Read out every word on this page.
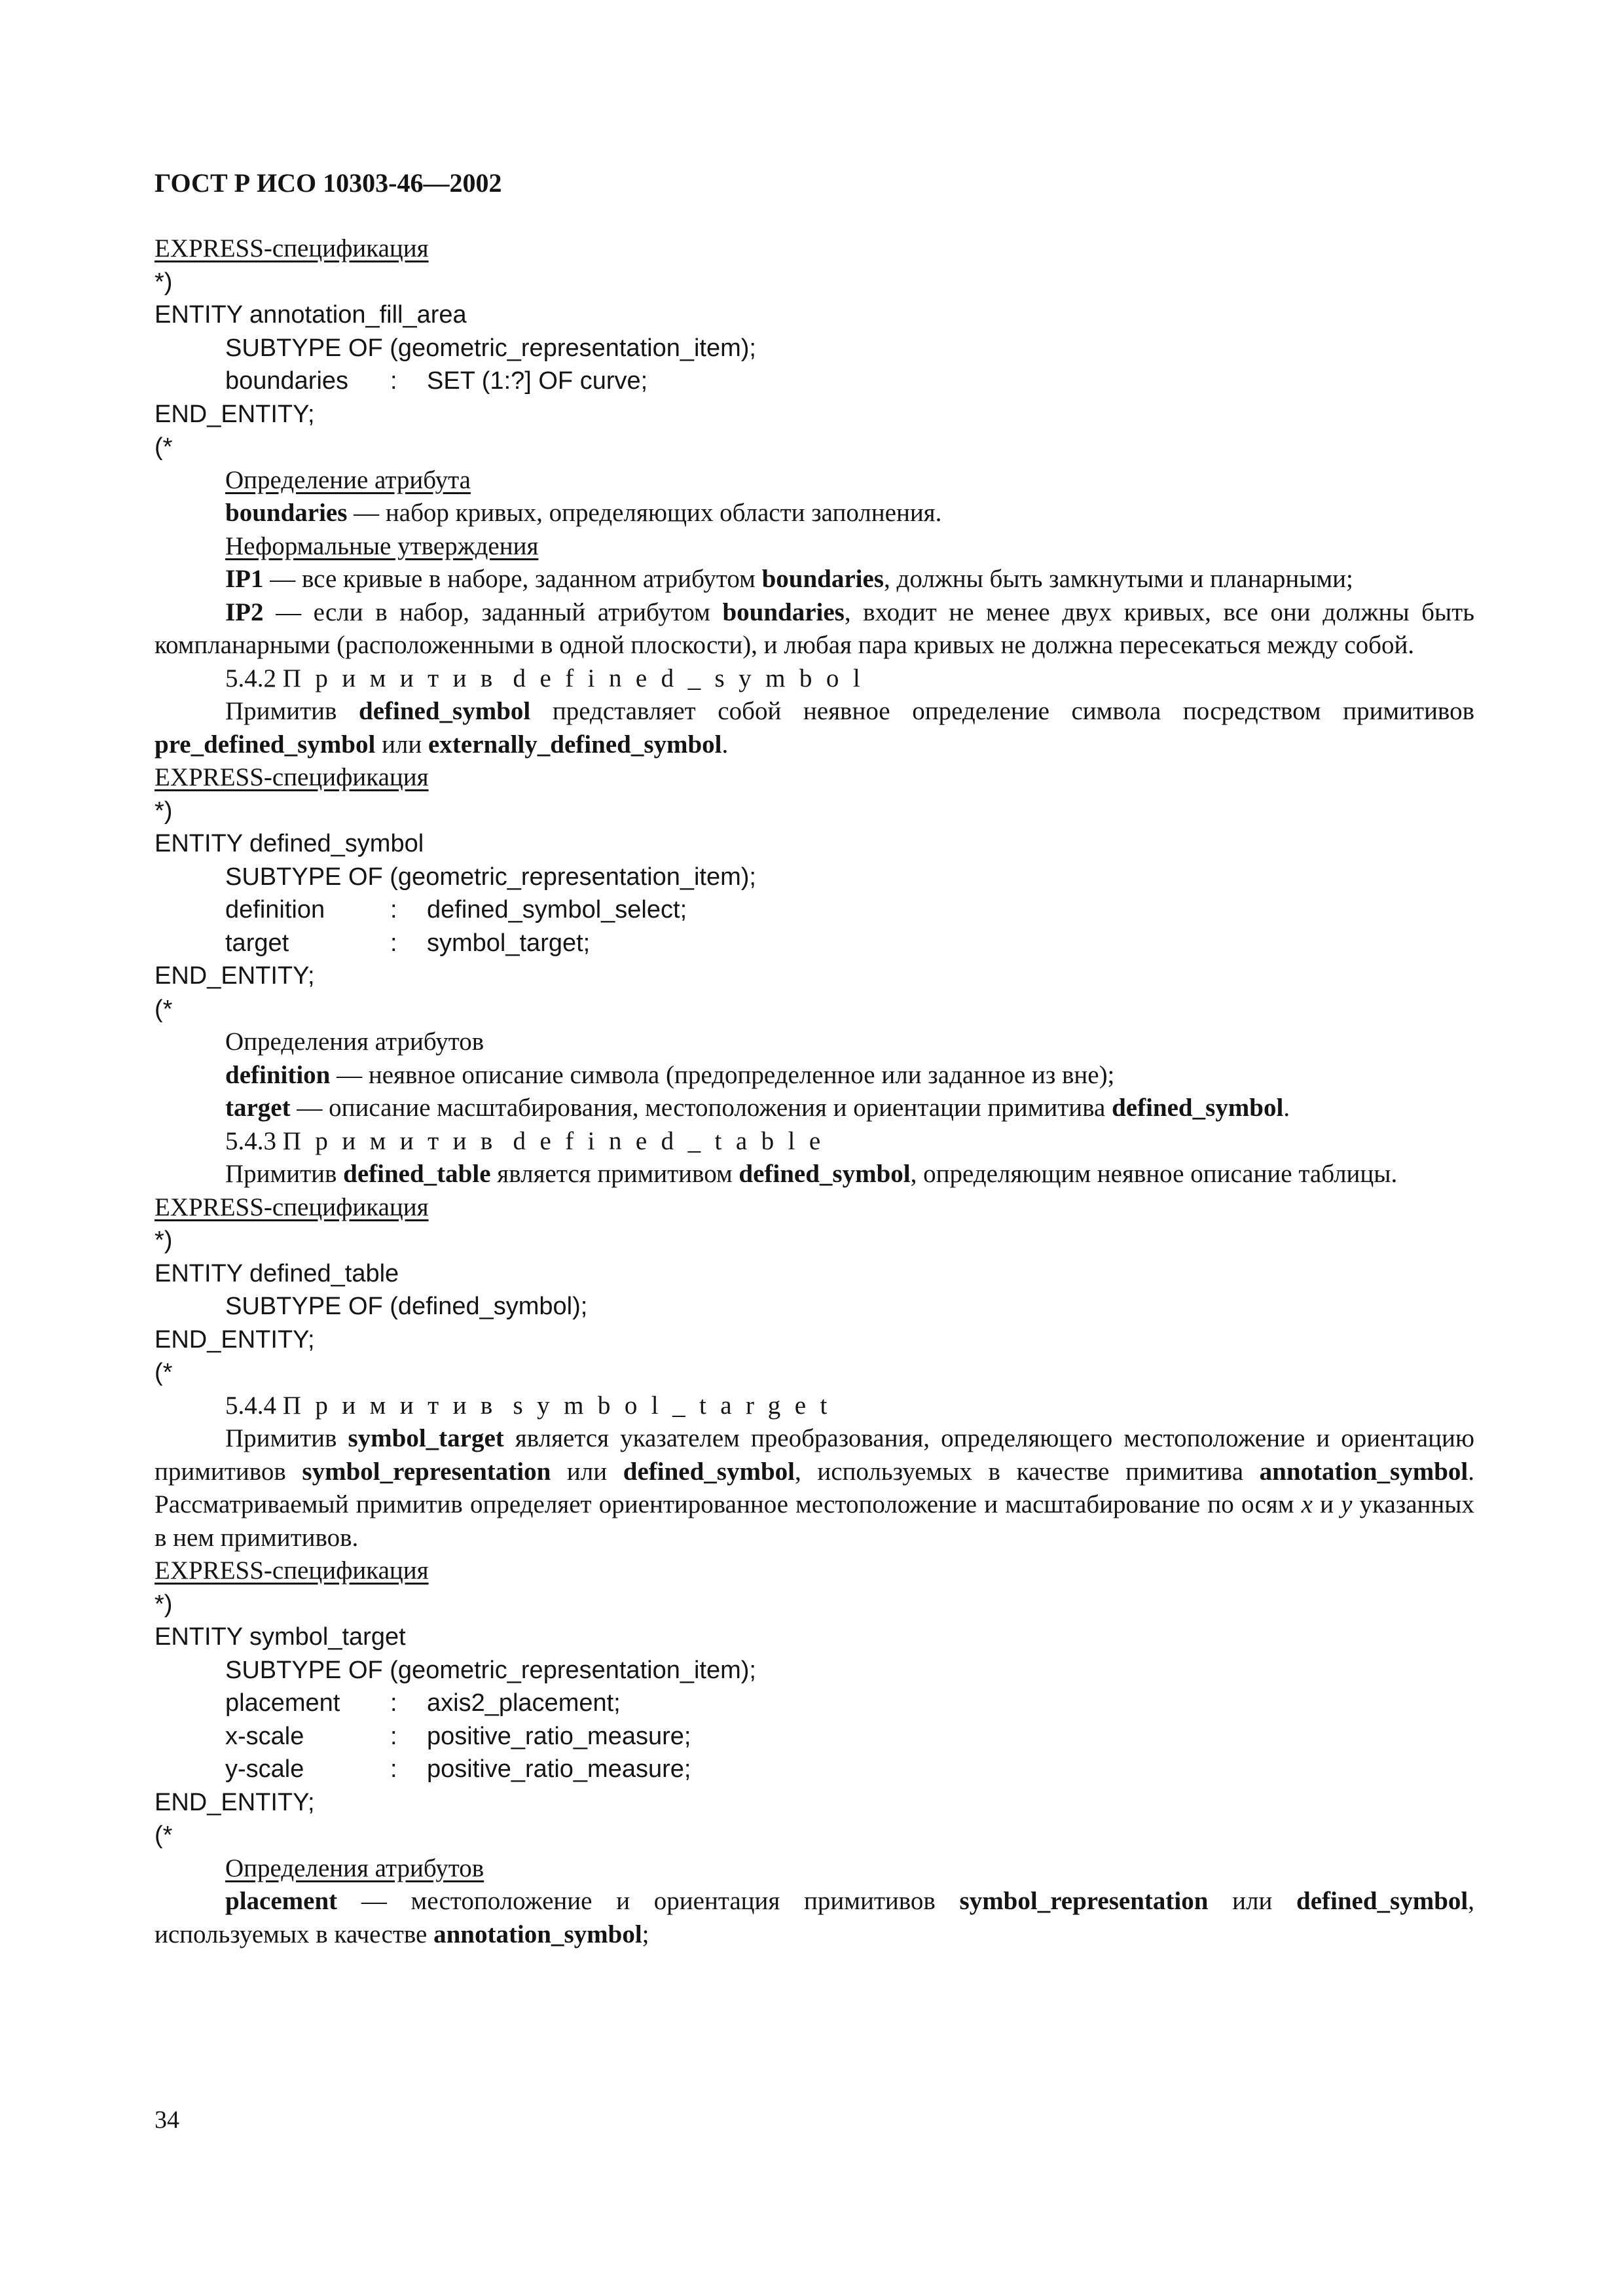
ГОСТ Р ИСО 10303-46—2002
EXPRESS-спецификация
*)
ENTITY annotation_fill_area
SUBTYPE OF (geometric_representation_item);
boundaries : SET (1:?] OF curve;
END_ENTITY;
(*
Определение атрибута
boundaries — набор кривых, определяющих области заполнения.
Неформальные утверждения
IP1 — все кривые в наборе, заданном атрибутом boundaries, должны быть замкнутыми и планарными;
IP2 — если в набор, заданный атрибутом boundaries, входит не менее двух кривых, все они должны быть компланарными (расположенными в одной плоскости), и любая пара кривых не должна пересекаться между собой.
5.4.2 Примитив defined_symbol
Примитив defined_symbol представляет собой неявное определение символа посредством примитивов pre_defined_symbol или externally_defined_symbol.
EXPRESS-спецификация
*)
ENTITY defined_symbol
SUBTYPE OF (geometric_representation_item);
definition	: defined_symbol_select;
target	: symbol_target;
END_ENTITY;
(*
Определения атрибутов
definition — неявное описание символа (предопределенное или заданное из вне);
target — описание масштабирования, местоположения и ориентации примитива defined_symbol.
5.4.3 Примитив defined_table
Примитив defined_table является примитивом defined_symbol, определяющим неявное описание таблицы.
EXPRESS-спецификация
*)
ENTITY defined_table
SUBTYPE OF (defined_symbol);
END_ENTITY;
(*
5.4.4 Примитив symbol_target
Примитив symbol_target является указателем преобразования, определяющего местоположение и ориентацию примитивов symbol_representation или defined_symbol, используемых в качестве примитива annotation_symbol. Рассматриваемый примитив определяет ориентированное местоположение и масштабирование по осям x и y указанных в нем примитивов.
EXPRESS-спецификация
*)
ENTITY symbol_target
SUBTYPE OF (geometric_representation_item);
placement : axis2_placement;
x-scale	: positive_ratio_measure;
y-scale	: positive_ratio_measure;
END_ENTITY;
(*
Определения атрибутов
placement — местоположение и ориентация примитивов symbol_representation или defined_symbol, используемых в качестве annotation_symbol;
34
